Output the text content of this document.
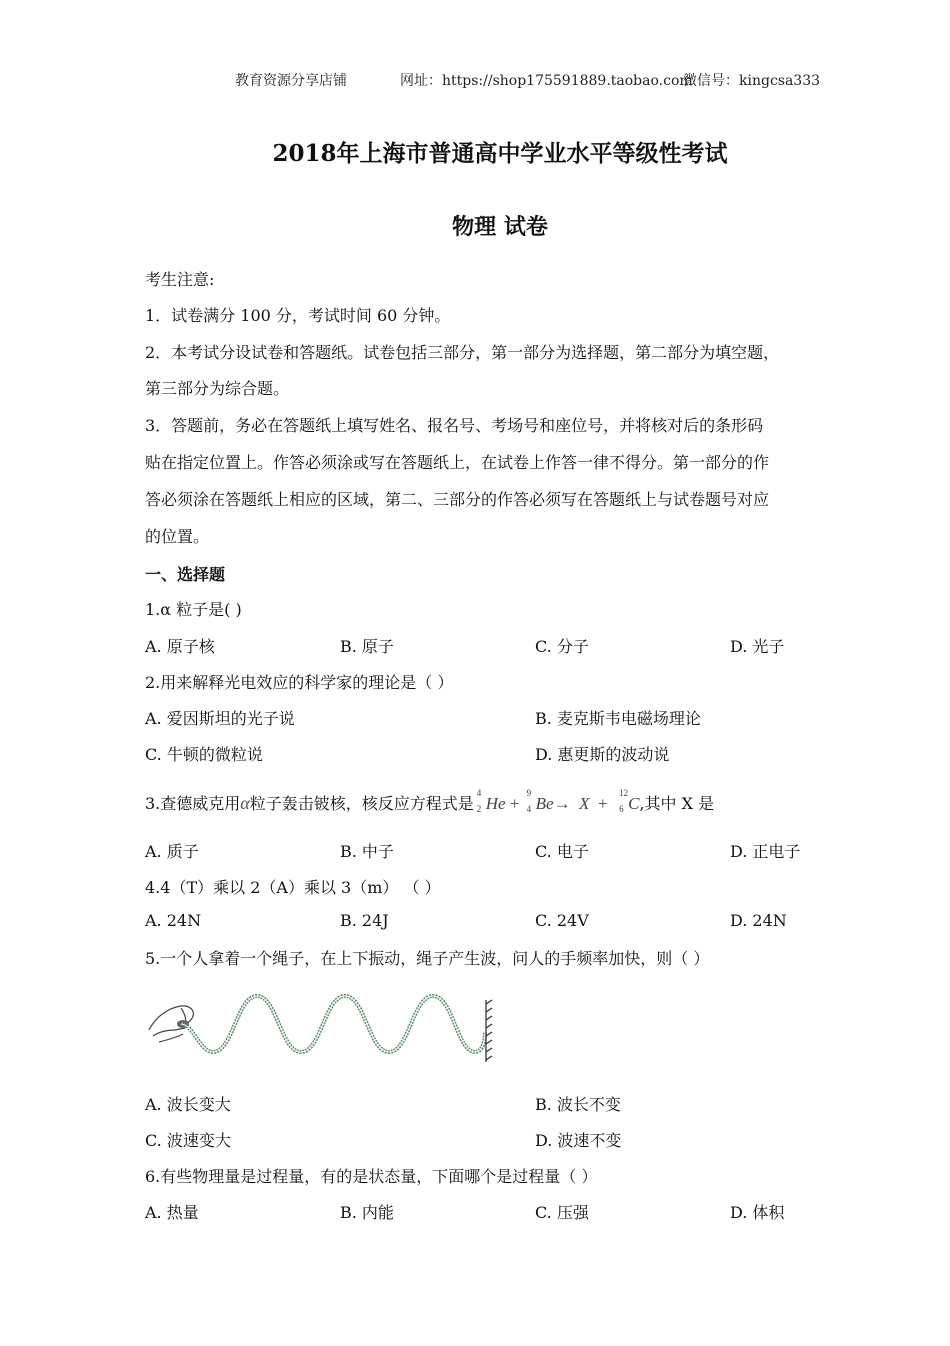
教育资源分享店铺	网址：https://shop175591889.taobao.com
微信号：kingcsa333
2018年上海市普通高中学业水平等级性考试
物理 试卷
考生注意:
1．试卷满分 100 分，考试时间 60 分钟。
2．本考试分设试卷和答题纸。试卷包括三部分，第一部分为选择题，第二部分为填空题，
第三部分为综合题。
3．答题前，务必在答题纸上填写姓名、报名号、考场号和座位号，并将核对后的条形码
贴在指定位置上。作答必须涂或写在答题纸上，在试卷上作答一律不得分。第一部分的作
答必须涂在答题纸上相应的区域，第二、三部分的作答必须写在答题纸上与试卷题号对应
的位置。
一、选择题
1.α 粒子是( )
A. 原子核	B. 原子	C. 分子	D. 光子
2.用来解释光电效应的科学家的理论是（ ）
A. 爱因斯坦的光子说	B. 麦克斯韦电磁场理论
C. 牛顿的微粒说	D. 惠更斯的波动说
3.查德威克用α粒子轰击铍核，核反应方程式是
4
2 He +
9
4 Be→ X +
12
6 C,其中 X 是
A. 质子	B. 中子	C. 电子	D. 正电子
4.4（T）乘以 2（A）乘以 3（m） （ ）
A. 24N	B. 24J	C. 24V	D. 24N
5.一个人拿着一个绳子，在上下振动，绳子产生波，问人的手频率加快，则（ ）
A. 波长变大	B. 波长不变
C. 波速变大	D. 波速不变
6.有些物理量是过程量，有的是状态量，下面哪个是过程量（ ）
A. 热量	B. 内能	C. 压强	D. 体积
